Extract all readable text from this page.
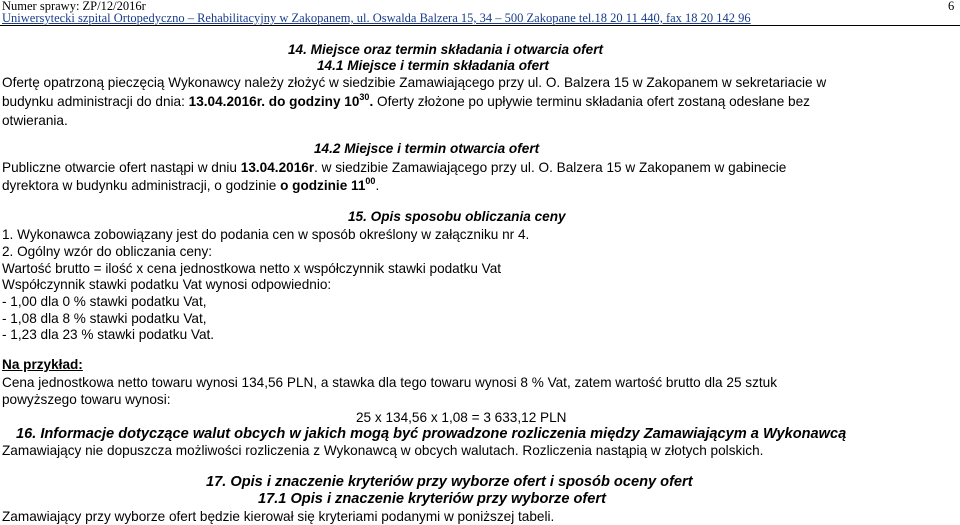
Numer sprawy: ZP/12/2016r	6
Uniwersytecki szpital Ortopedyczno – Rehabilitacyjny w Zakopanem, ul. Oswalda Balzera 15, 34 – 500 Zakopane tel.18 20 11 440, fax 18 20 142 96
14. Miejsce oraz termin składania i otwarcia ofert
14.1 Miejsce i termin składania ofert
Ofertę opatrzoną pieczęcią Wykonawcy należy złożyć w siedzibie Zamawiającego przy ul. O. Balzera 15 w Zakopanem w sekretariacie w
budynku administracji do dnia: 13.04.2016r. do godziny $10^{30}$. Oferty złożone po upływie terminu składania ofert zostaną odesłane bez
otwierania.
14.2 Miejsce i termin otwarcia ofert
Publiczne otwarcie ofert nastąpi w dniu 13.04.2016r. w siedzibie Zamawiającego przy ul. O. Balzera 15 w Zakopanem w gabinecie
dyrektora w budynku administracji, o godzinie o godzinie $11^{00}$.
15. Opis sposobu obliczania ceny
1. Wykonawca zobowiązany jest do podania cen w sposób określony w załączniku nr 4.
2. Ogólny wzór do obliczania ceny:
Wartość brutto = ilość x cena jednostkowa netto x współczynnik stawki podatku Vat
Współczynnik stawki podatku Vat wynosi odpowiednio:
- 1,00 dla 0 % stawki podatku Vat,
- 1,08 dla 8 % stawki podatku Vat,
- 1,23 dla 23 % stawki podatku Vat.
Na przykład:
Cena jednostkowa netto towaru wynosi 134,56 PLN, a stawka dla tego towaru wynosi 8 % Vat, zatem wartość brutto dla 25 sztuk
powyższego towaru wynosi:
25 x 134,56 x 1,08 = 3 633,12 PLN
16. Informacje dotyczące walut obcych w jakich mogą być prowadzone rozliczenia między Zamawiającym a Wykonawcą
Zamawiający nie dopuszcza możliwości rozliczenia z Wykonawcą w obcych walutach. Rozliczenia nastąpią w złotych polskich.
17. Opis i znaczenie kryteriów przy wyborze ofert i sposób oceny ofert
17.1 Opis i znaczenie kryteriów przy wyborze ofert
Zamawiający przy wyborze ofert będzie kierował się kryteriami podanymi w poniższej tabeli.
